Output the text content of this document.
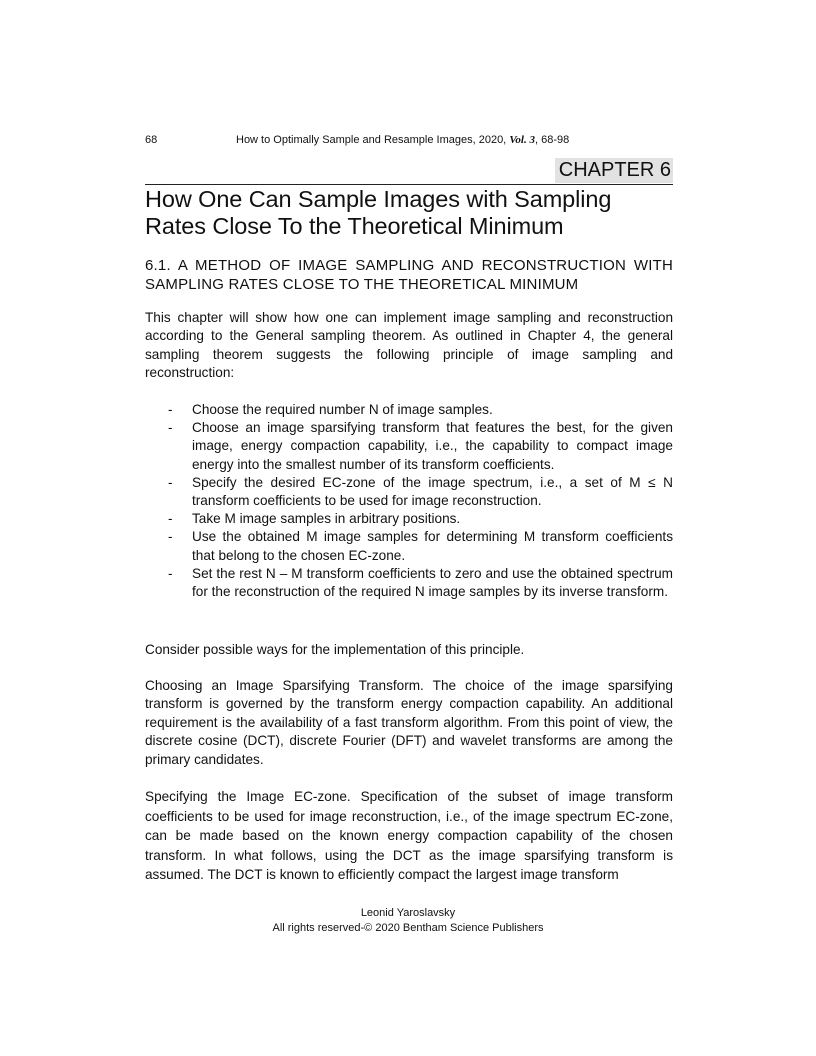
68	How to Optimally Sample and Resample Images, 2020, Vol. 3, 68-98
CHAPTER 6
How One Can Sample Images with Sampling Rates Close To the Theoretical Minimum
6.1. A METHOD OF IMAGE SAMPLING AND RECONSTRUCTION WITH SAMPLING RATES CLOSE TO THE THEORETICAL MINIMUM

This chapter will show how one can implement image sampling and reconstruction according to the General sampling theorem. As outlined in Chapter 4, the general sampling theorem suggests the following principle of image sampling and reconstruction:

- Choose the required number N of image samples.
- Choose an image sparsifying transform that features the best, for the given image, energy compaction capability, i.e., the capability to compact image energy into the smallest number of its transform coefficients.
- Specify the desired EC-zone of the image spectrum, i.e., a set of M ≤ N transform coefficients to be used for image reconstruction.
- Take M image samples in arbitrary positions.
- Use the obtained M image samples for determining M transform coefficients that belong to the chosen EC-zone.
- Set the rest N – M transform coefficients to zero and use the obtained spectrum for the reconstruction of the required N image samples by its inverse transform.

Consider possible ways for the implementation of this principle.

Choosing an Image Sparsifying Transform. The choice of the image sparsifying transform is governed by the transform energy compaction capability. An additional requirement is the availability of a fast transform algorithm. From this point of view, the discrete cosine (DCT), discrete Fourier (DFT) and wavelet transforms are among the primary candidates.

Specifying the Image EC-zone. Specification of the subset of image transform coefficients to be used for image reconstruction, i.e., of the image spectrum EC-zone, can be made based on the known energy compaction capability of the chosen transform. In what follows, using the DCT as the image sparsifying transform is assumed. The DCT is known to efficiently compact the largest image transform

Leonid Yaroslavsky
All rights reserved-© 2020 Bentham Science Publishers
